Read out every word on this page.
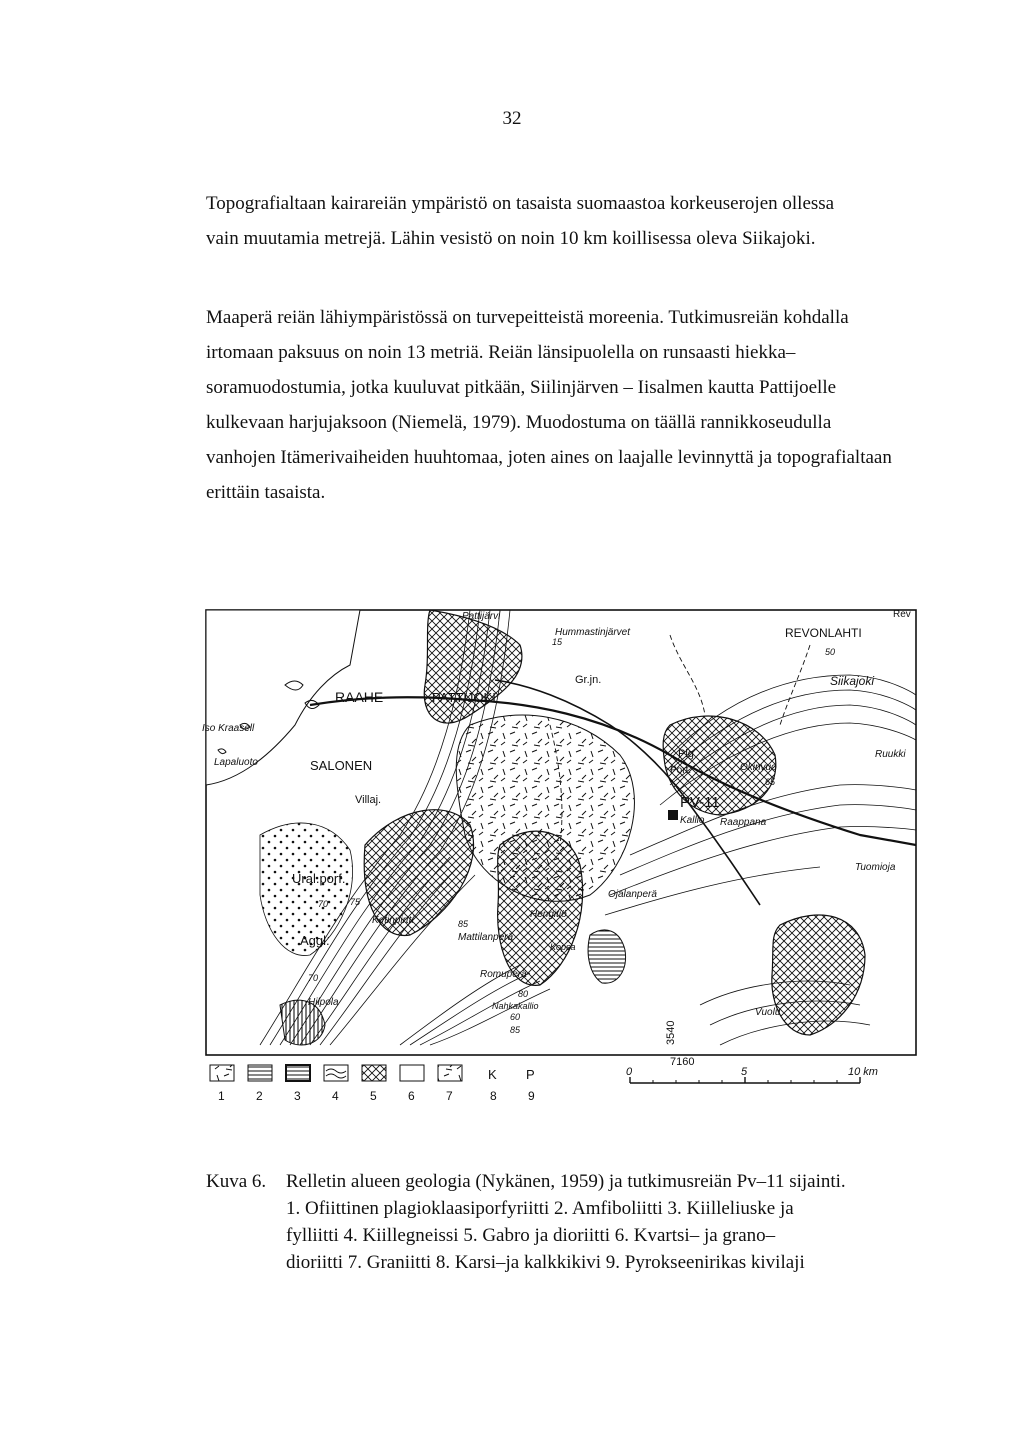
32

Topografialtaan kairareiän ympäristö on tasaista suomaastoa korkeuserojen ollessa
vain muutamia metrejä. Lähin vesistö on noin 10 km koillisessa oleva Siikajoki.

Maaperä reiän lähiympäristössä on turvepeitteistä moreenia. Tutkimusreiän kohdalla
irtomaan paksuus on noin 13 metriä. Reiän länsipuolella on runsaasti hiekka–
soramuodostumia, jotka kuuluvat pitkään, Siilinjärven – Iisalmen kautta Pattijoelle
kulkevaan harjujaksoon (Niemelä, 1979). Muodostuma on täällä rannikkoseudulla
vanhojen Itämerivaiheiden huuhtomaa, joten aines on laajalle levinnyttä ja topografialtaan
erittäin tasaista.

RAAHE	PATTIJOKI
Iso Kraasell
Lapaluoto	SALONEN
Villaj.
Ural.porf.
Aggl.
Ketinpirtti
Hilpola
Pattijärvi
Hummastinjärvet
Gr.jn.
REVONLAHTI
Siikajoki
PV-11
Ojalanperä
Hengitiö
Mattilanperä
Romuperä
Nahkakallio
Vuolu
Tuomioja
Okinvuo
Kallio
Porf.
Plg	Ruukki
Raappana
Kopsa
Rev
15
50
70 75
85
80
70
60
65
85	3540
1	2	3	4	5	6	7	8	9
K P	0	5	10 km
7160
Kuva 6. Relletin alueen geologia (Nykänen, 1959) ja tutkimusreiän Pv–11 sijainti.
1. Ofiittinen plagioklaasiporfyriitti 2. Amfiboliitti 3. Kiilleliuske ja
fylliitti 4. Kiillegneissi 5. Gabro ja dioriitti 6. Kvartsi– ja grano–
dioriitti 7. Graniitti 8. Karsi–ja kalkkikivi 9. Pyrokseenirikas kivilaji
